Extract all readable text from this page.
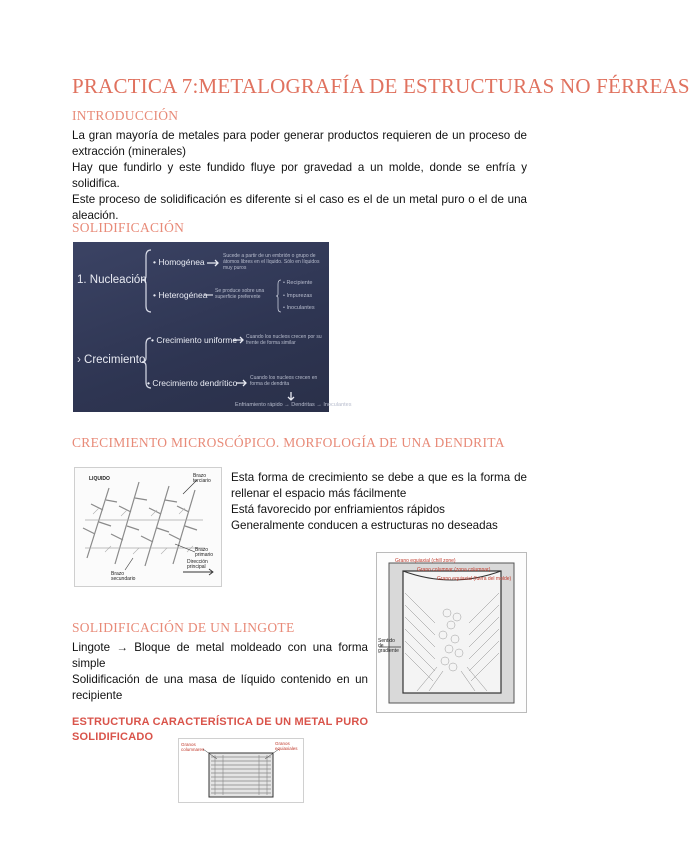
PRACTICA 7:METALOGRAFÍA DE ESTRUCTURAS NO FÉRREAS
INTRODUCCIÓN

La gran mayoría de metales para poder generar productos requieren de un proceso de extracción (minerales)

Hay que fundirlo y este fundido fluye por gravedad a un molde, donde se enfría y solidifica.

Este proceso de solidificación es diferente si el caso es el de un metal puro o el de una aleación.

SOLIDIFICACIÓN
1. Nucleación
• Homogénea
Sucede a partir de un embrión o grupo de átomos libres en el líquido. Sólo en líquidos muy puros
• Heterogénea Se produce sobre una superficie preferente
• Recipiente
• Impurezas
• Inoculantes
› Crecimiento
• Crecimiento uniforme Cuando los nucleos crecen por su frente de forma similar
• Crecimiento dendrítico	Cuando los nucleos crecen en forma de dendrita
Enfriamiento rápido → Dendritas → Inoculantes
CRECIMIENTO MICROSCÓPICO. MORFOLOGÍA DE UNA DENDRITA
LIQUIDO	Brazo terciario
Brazo primario
Brazo secundario
Dirección principal

Esta forma de crecimiento se debe a que es la forma de rellenar el espacio más fácilmente

Está favorecido por enfriamientos rápidos

Generalmente conducen a estructuras no deseadas

Grano equiaxial (chill zone)
Grano columnar (zona columnar)
Grano equiaxial (fuera del molde)
Sentido de gradiente
SOLIDIFICACIÓN DE UN LINGOTE

Lingote → Bloque de metal moldeado con una forma simple

Solidificación de una masa de líquido contenido en un recipiente

ESTRUCTURA CARACTERÍSTICA DE UN METAL PURO SOLIDIFICADO
Granos columnares
Granos equiaxiales
